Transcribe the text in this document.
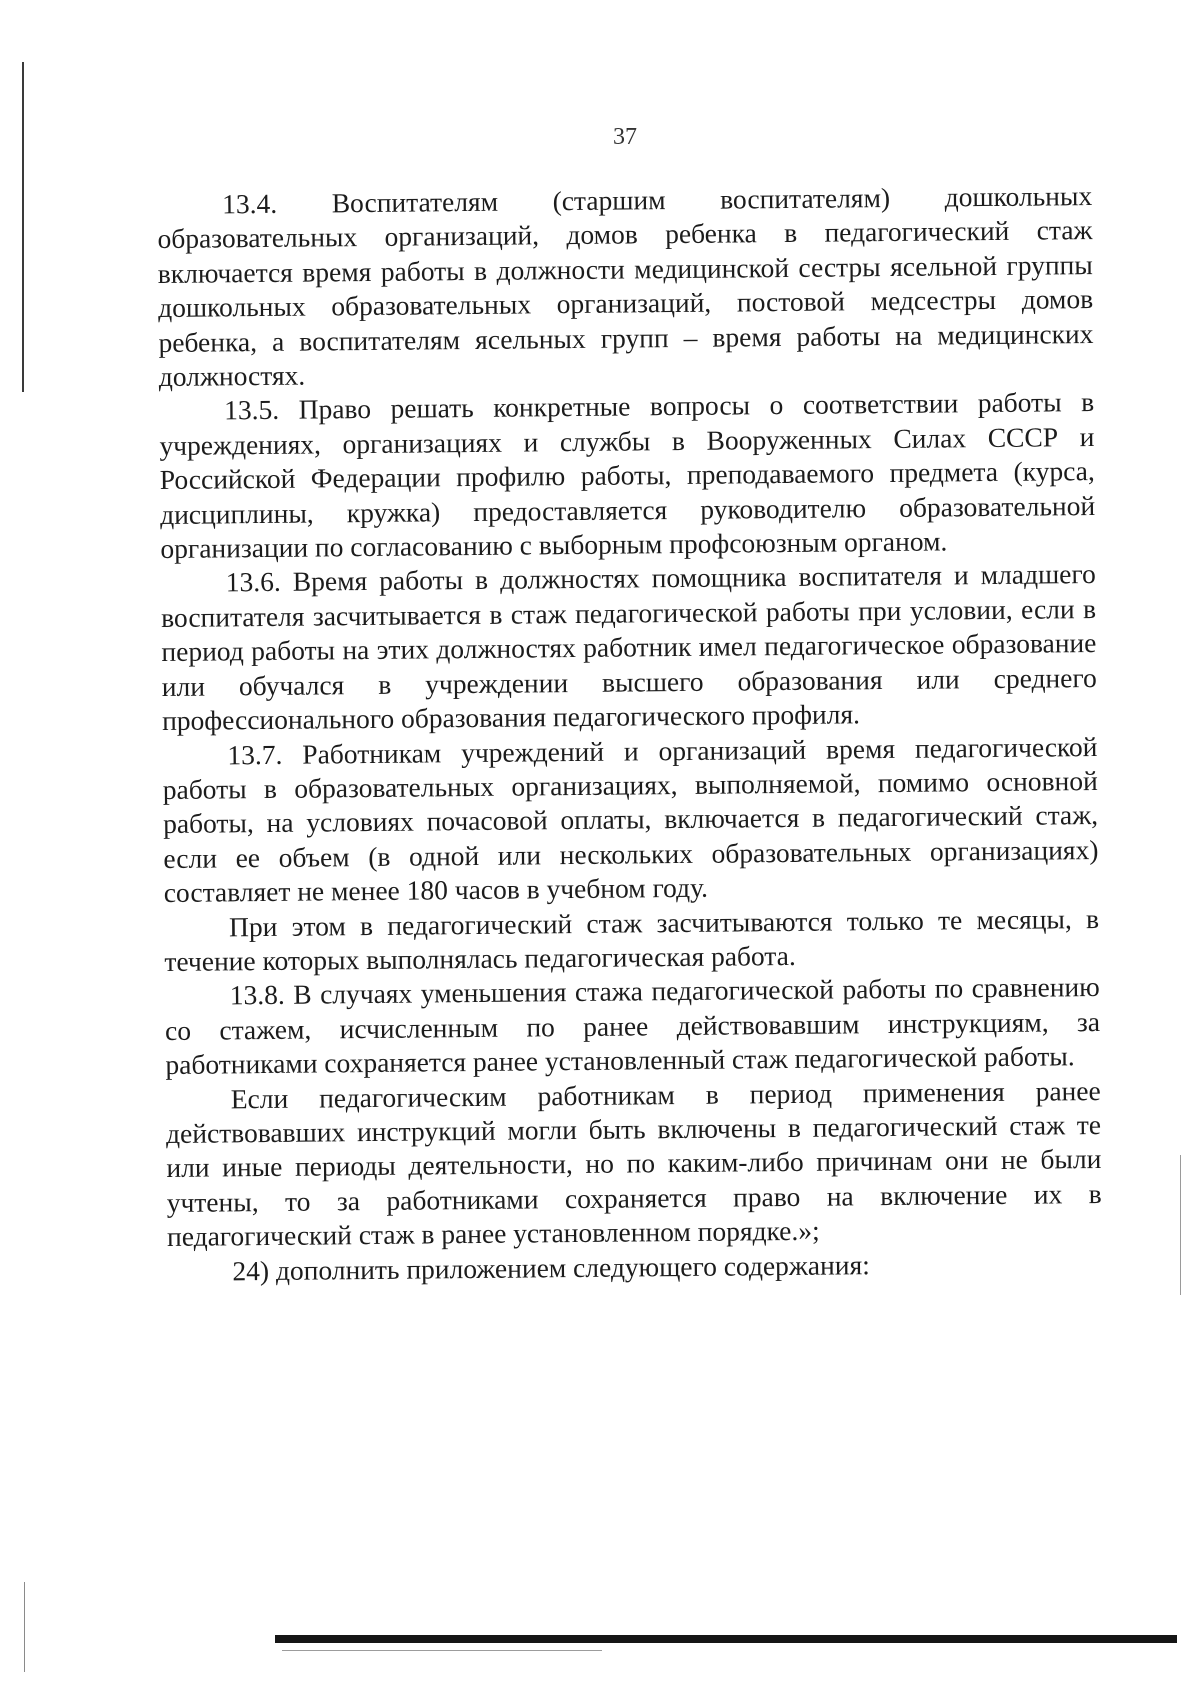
37

13.4. Воспитателям (старшим воспитателям) дошкольных образовательных организаций, домов ребенка в педагогический стаж включается время работы в должности медицинской сестры ясельной группы дошкольных образовательных организаций, постовой медсестры домов ребенка, а воспитателям ясельных групп – время работы на медицинских должностях.

13.5. Право решать конкретные вопросы о соответствии работы в учреждениях, организациях и службы в Вооруженных Силах СССР и Российской Федерации профилю работы, преподаваемого предмета (курса, дисциплины, кружка) предоставляется руководителю образовательной организации по согласованию с выборным профсоюзным органом.

13.6. Время работы в должностях помощника воспитателя и младшего воспитателя засчитывается в стаж педагогической работы при условии, если в период работы на этих должностях работник имел педагогическое образование или обучался в учреждении высшего образования или среднего профессионального образования педагогического профиля.

13.7. Работникам учреждений и организаций время педагогической работы в образовательных организациях, выполняемой, помимо основной работы, на условиях почасовой оплаты, включается в педагогический стаж, если ее объем (в одной или нескольких образовательных организациях) составляет не менее 180 часов в учебном году.

При этом в педагогический стаж засчитываются только те месяцы, в течение которых выполнялась педагогическая работа.

13.8. В случаях уменьшения стажа педагогической работы по сравнению со стажем, исчисленным по ранее действовавшим инструкциям, за работниками сохраняется ранее установленный стаж педагогической работы.

Если педагогическим работникам в период применения ранее действовавших инструкций могли быть включены в педагогический стаж те или иные периоды деятельности, но по каким-либо причинам они не были учтены, то за работниками сохраняется право на включение их в педагогический стаж в ранее установленном порядке.»;

24) дополнить приложением следующего содержания:
